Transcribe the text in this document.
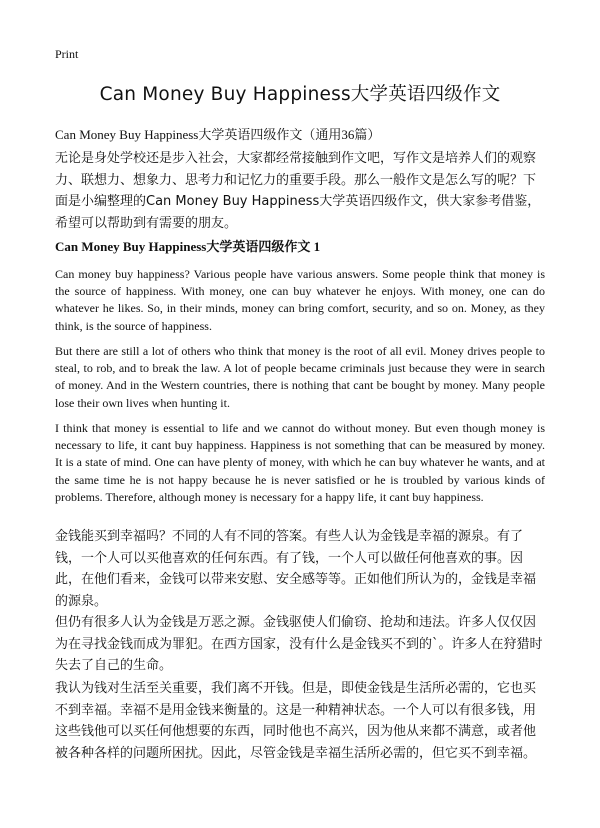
Print
Can Money Buy Happiness大学英语四级作文
Can Money Buy Happiness大学英语四级作文（通用36篇）

无论是身处学校还是步入社会，大家都经常接触到作文吧，写作文是培养人们的观察力、联想力、想象力、思考力和记忆力的重要手段。那么一般作文是怎么写的呢？下面是小编整理的Can Money Buy Happiness大学英语四级作文，供大家参考借鉴，希望可以帮助到有需要的朋友。

Can Money Buy Happiness大学英语四级作文 1

Can money buy happiness? Various people have various answers. Some people think that money is the source of happiness. With money, one can buy whatever he enjoys. With money, one can do whatever he likes. So, in their minds, money can bring comfort, security, and so on. Money, as they think, is the source of happiness.

But there are still a lot of others who think that money is the root of all evil. Money drives people to steal, to rob, and to break the law. A lot of people became criminals just because they were in search of money. And in the Western countries, there is nothing that cant be bought by money. Many people lose their own lives when hunting it.

I think that money is essential to life and we cannot do without money. But even though money is necessary to life, it cant buy happiness. Happiness is not something that can be measured by money. It is a state of mind. One can have plenty of money, with which he can buy whatever he wants, and at the same time he is not happy because he is never satisfied or he is troubled by various kinds of problems. Therefore, although money is necessary for a happy life, it cant buy happiness.

金钱能买到幸福吗？不同的人有不同的答案。有些人认为金钱是幸福的源泉。有了钱，一个人可以买他喜欢的任何东西。有了钱，一个人可以做任何他喜欢的事。因此，在他们看来，金钱可以带来安慰、安全感等等。正如他们所认为的，金钱是幸福的源泉。

但仍有很多人认为金钱是万恶之源。金钱驱使人们偷窃、抢劫和违法。许多人仅仅因为在寻找金钱而成为罪犯。在西方国家，没有什么是金钱买不到的`。许多人在狩猎时失去了自己的生命。

我认为钱对生活至关重要，我们离不开钱。但是，即使金钱是生活所必需的，它也买不到幸福。幸福不是用金钱来衡量的。这是一种精神状态。一个人可以有很多钱，用这些钱他可以买任何他想要的东西，同时他也不高兴，因为他从来都不满意，或者他被各种各样的问题所困扰。因此，尽管金钱是幸福生活所必需的，但它买不到幸福。
